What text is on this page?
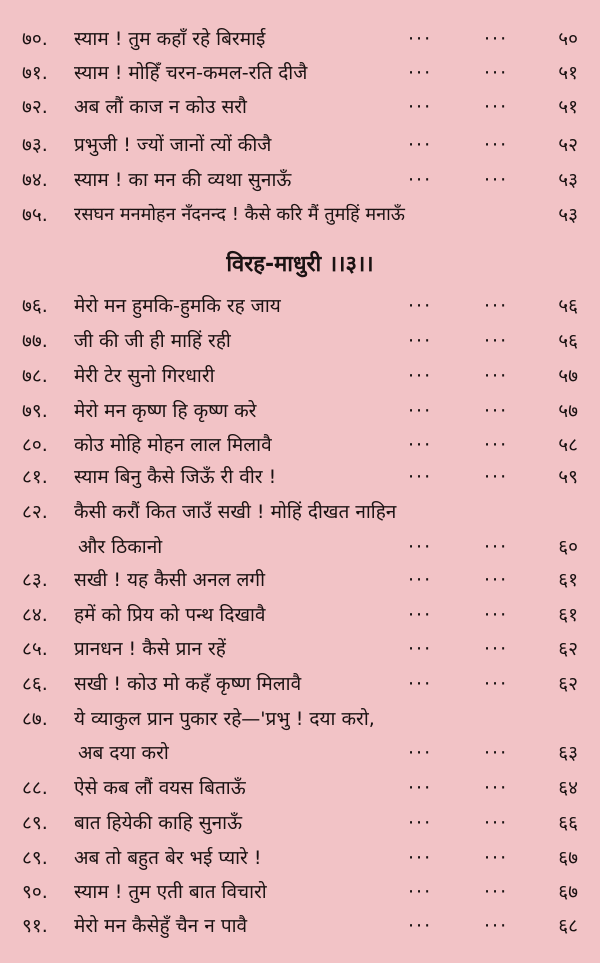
७०.	स्याम ! तुम कहाँ रहे बिरमाई	···	···	५०
७१.	स्याम ! मोहिँ चरन-कमल-रति दीजै	···	···	५१
७२.	अब लौं काज न कोउ सरौ	···	···	५१
७३.	प्रभुजी ! ज्यों जानों त्यों कीजै	···	···	५२
७४.	स्याम ! का मन की व्यथा सुनाऊँ	···	···	५३
७५.	रसघन मनमोहन नँदनन्द ! कैसे करि मैं तुमहिं मनाऊँ	५३
विरह-माधुरी ।।३।।
७६.	मेरो मन हुमकि-हुमकि रह जाय	···	···	५६
७७.	जी की जी ही माहिं रही	···	···	५६
७८.	मेरी टेर सुनो गिरधारी	···	···	५७
७९.	मेरो मन कृष्ण हि कृष्ण करे	···	···	५७
८०.	कोउ मोहि मोहन लाल मिलावै	···	···	५८
८१.	स्याम बिनु कैसे जिऊँ री वीर !	···	···	५९
८२.	कैसी करौं कित जाउँ सखी ! मोहिं दीखत नाहिन
और ठिकानो	···	···	६०
८३.	सखी ! यह कैसी अनल लगी	···	···	६१
८४.	हमें को प्रिय को पन्थ दिखावै	···	···	६१
८५.	प्रानधन ! कैसे प्रान रहें	···	···	६२
८६.	सखी ! कोउ मो कहँ कृष्ण मिलावै	···	···	६२
८७.	ये व्याकुल प्रान पुकार रहे—'प्रभु ! दया करो,
अब दया करो	···	···	६३
८८.	ऐसे कब लौं वयस बिताऊँ	···	···	६४
८९.	बात हियेकी काहि सुनाऊँ	···	···	६६
८९.	अब तो बहुत बेर भई प्यारे !	···	···	६७
९०.	स्याम ! तुम एती बात विचारो	···	···	६७
९१.	मेरो मन कैसेहुँ चैन न पावै	···	···	६८
